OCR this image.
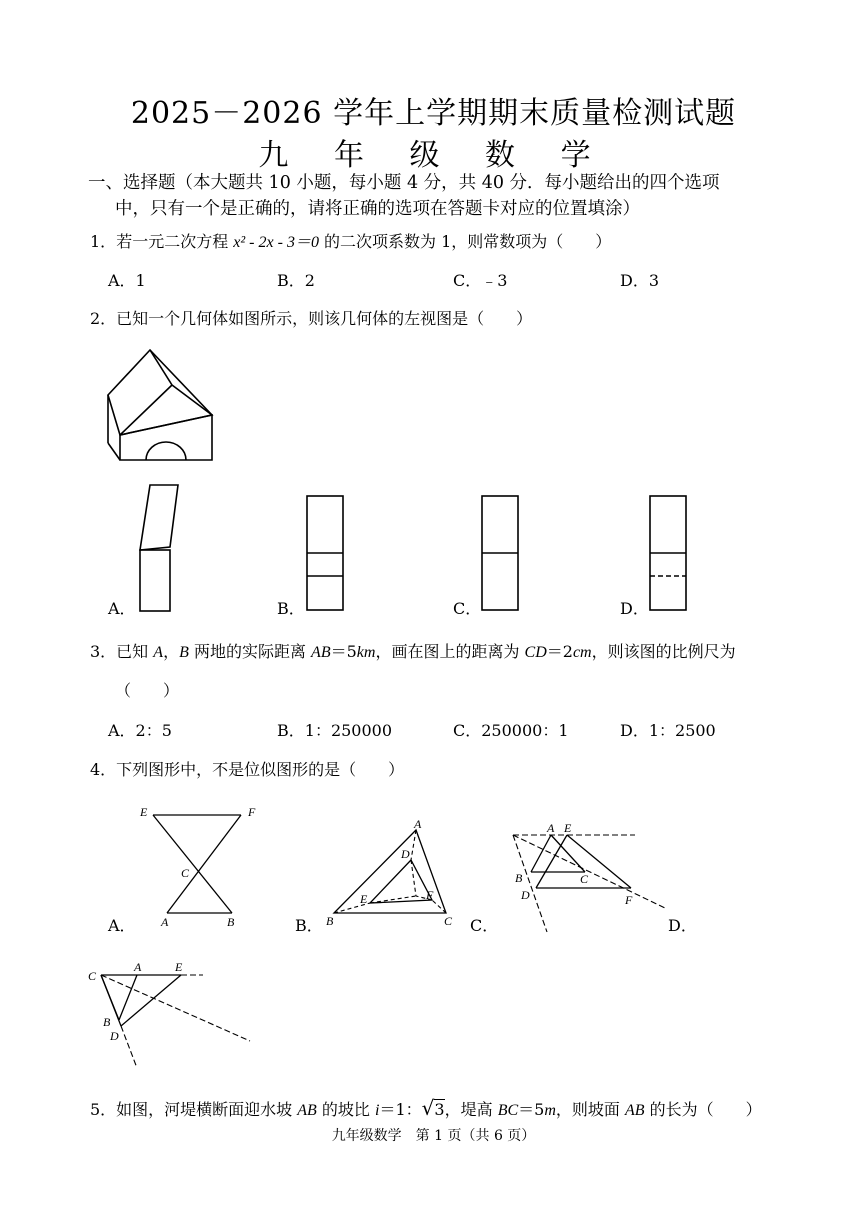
2025－2026 学年上学期期末质量检测试题
九 年 级 数 学
一、选择题（本大题共 10 小题，每小题 4 分，共 40 分．每小题给出的四个选项
中，只有一个是正确的，请将正确的选项在答题卡对应的位置填涂）
1．若一元二次方程 x² - 2x - 3＝0 的二次项系数为 1，则常数项为（　　）
A．1	B．2	C．﹣3	D．3
2．已知一个几何体如图所示，则该几何体的左视图是（　　）
A．	B．	C．	D．
3．已知 A，B 两地的实际距离 AB＝5km，画在图上的距离为 CD＝2cm，则该图的比例尺为
（　　）
A．2：5	B．1：250000	C．250000：1	D．1：2500
4．下列图形中，不是位似图形的是（　　）
A．
E	F
C
A	B	B．
A
D
E	F
B	C C．
A E
B	C
D	F
D．
C
A	E
B
D
5．如图，河堤横断面迎水坡 AB 的坡比 i＝1：√3，堤高 BC＝5m，则坡面 AB 的长为（　　）
九年级数学　第 1 页（共 6 页）
